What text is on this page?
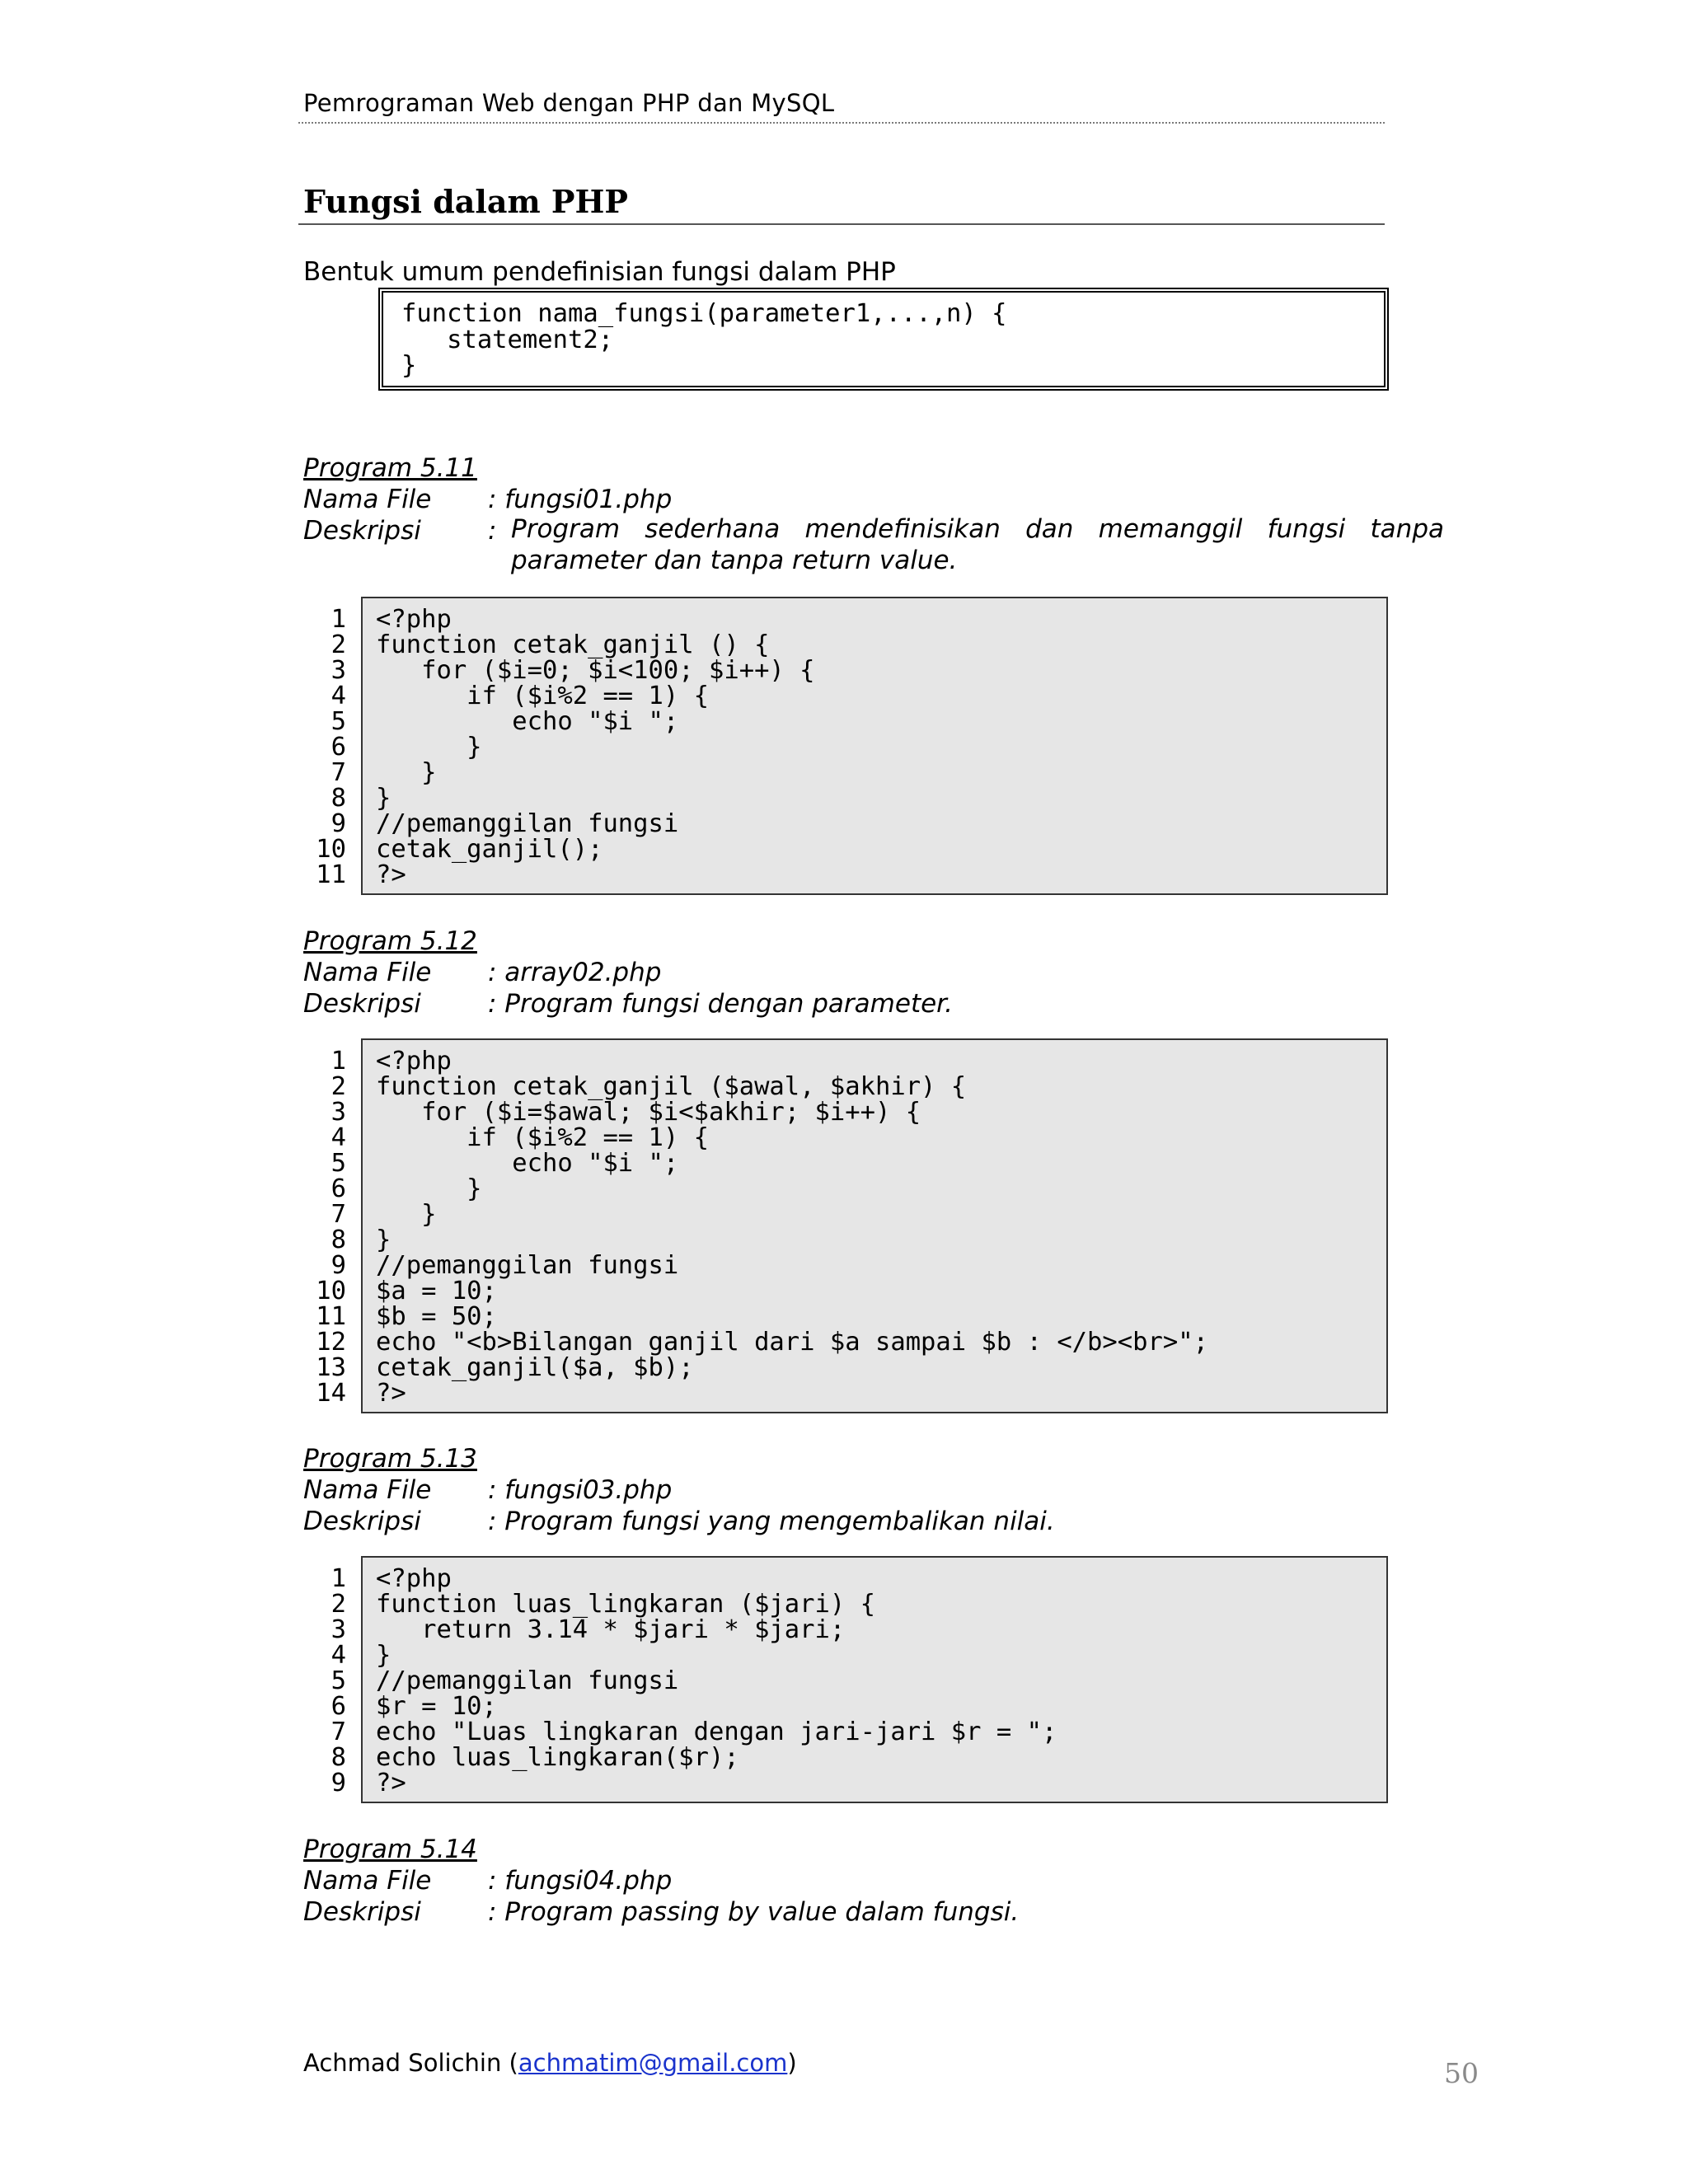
Pemrograman Web dengan PHP dan MySQL
Fungsi dalam PHP
Bentuk umum pendefinisian fungsi dalam PHP
function nama_fungsi(parameter1,...,n) {
statement2;
}
Program 5.11
Nama File : fungsi01.php
Deskripsi	: Program sederhana mendefinisikan dan memanggil fungsi tanpa parameter dan tanpa return value.
1 <?php
2 function cetak_ganjil () {
3 for ($i=0; $i<100; $i++) {
4 if ($i%2 == 1) {
5 echo "$i ";
6 }
7 }
8 }
9 //pemanggilan fungsi
10 cetak_ganjil();
11 ?>
Program 5.12
Nama File : array02.php
Deskripsi	: Program fungsi dengan parameter.
1 <?php
2 function cetak_ganjil ($awal, $akhir) {
3 for ($i=$awal; $i<$akhir; $i++) {
4 if ($i%2 == 1) {
5 echo "$i ";
6 }
7 }
8 }
9 //pemanggilan fungsi
10 $a = 10;
11 $b = 50;
12 echo "<b>Bilangan ganjil dari $a sampai $b : </b><br>";
13 cetak_ganjil($a, $b);
14 ?>
Program 5.13
Nama File : fungsi03.php
Deskripsi	: Program fungsi yang mengembalikan nilai.
1 <?php
2 function luas_lingkaran ($jari) {
3 return 3.14 * $jari * $jari;
4 }
5 //pemanggilan fungsi
6 $r = 10;
7 echo "Luas lingkaran dengan jari-jari $r = ";
8 echo luas_lingkaran($r);
9 ?>
Program 5.14
Nama File : fungsi04.php
Deskripsi	: Program passing by value dalam fungsi.
Achmad Solichin (achmatim@gmail.com)	50
